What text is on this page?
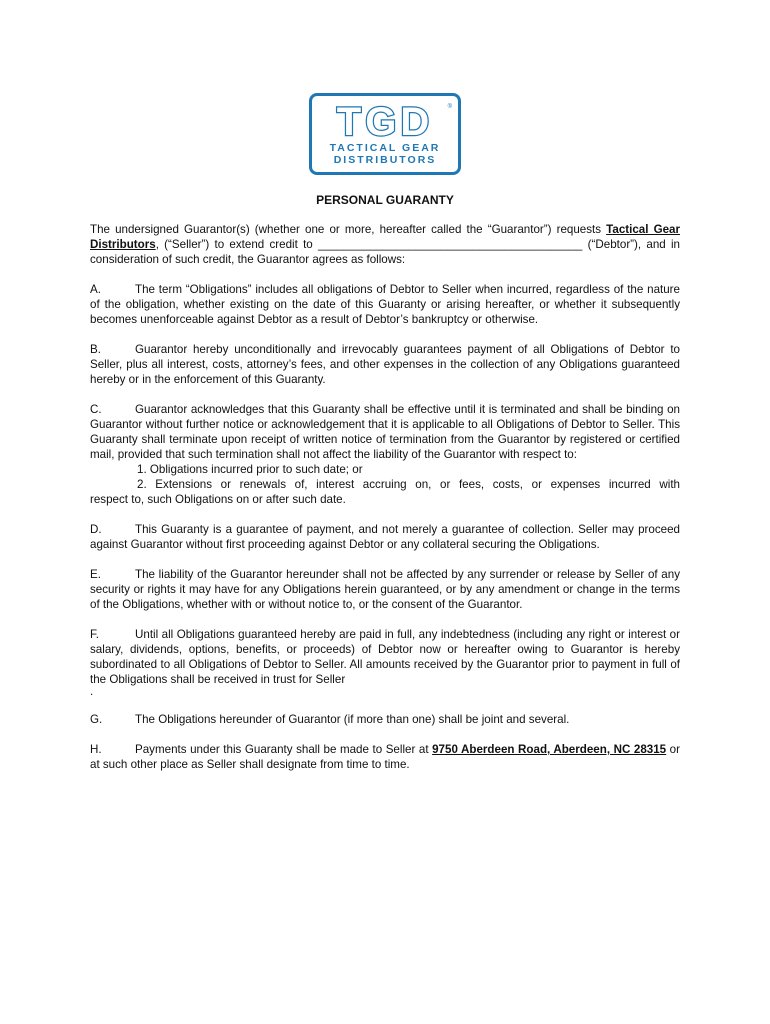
TGD ®
TACTICAL GEAR
DISTRIBUTORS
PERSONAL GUARANTY

The undersigned Guarantor(s) (whether one or more, hereafter called the “Guarantor”) requests Tactical Gear Distributors, (“Seller”) to extend credit to _________________________________________ (“Debtor”), and in consideration of such credit, the Guarantor agrees as follows:

A.	The term “Obligations” includes all obligations of Debtor to Seller when incurred, regardless of the nature of the obligation, whether existing on the date of this Guaranty or arising hereafter, or whether it subsequently becomes unenforceable against Debtor as a result of Debtor’s bankruptcy or otherwise.

B.	Guarantor hereby unconditionally and irrevocably guarantees payment of all Obligations of Debtor to Seller, plus all interest, costs, attorney’s fees, and other expenses in the collection of any Obligations guaranteed hereby or in the enforcement of this Guaranty.

C.	Guarantor acknowledges that this Guaranty shall be effective until it is terminated and shall be binding on Guarantor without further notice or acknowledgement that it is applicable to all Obligations of Debtor to Seller. This Guaranty shall terminate upon receipt of written notice of termination from the Guarantor by registered or certified mail, provided that such termination shall not affect the liability of the Guarantor with respect to:

1. Obligations incurred prior to such date; or

2. Extensions or renewals of, interest accruing on, or fees, costs, or expenses incurred with

respect to, such Obligations on or after such date.

D.	This Guaranty is a guarantee of payment, and not merely a guarantee of collection. Seller may proceed against Guarantor without first proceeding against Debtor or any collateral securing the Obligations.

E.	The liability of the Guarantor hereunder shall not be affected by any surrender or release by Seller of any security or rights it may have for any Obligations herein guaranteed, or by any amendment or change in the terms of the Obligations, whether with or without notice to, or the consent of the Guarantor.

F.	Until all Obligations guaranteed hereby are paid in full, any indebtedness (including any right or interest or salary, dividends, options, benefits, or proceeds) of Debtor now or hereafter owing to Guarantor is hereby subordinated to all Obligations of Debtor to Seller. All amounts received by the Guarantor prior to payment in full of the Obligations shall be received in trust for Seller

.

G.	The Obligations hereunder of Guarantor (if more than one) shall be joint and several.

H.	Payments under this Guaranty shall be made to Seller at 9750 Aberdeen Road, Aberdeen, NC 28315 or at such other place as Seller shall designate from time to time.
